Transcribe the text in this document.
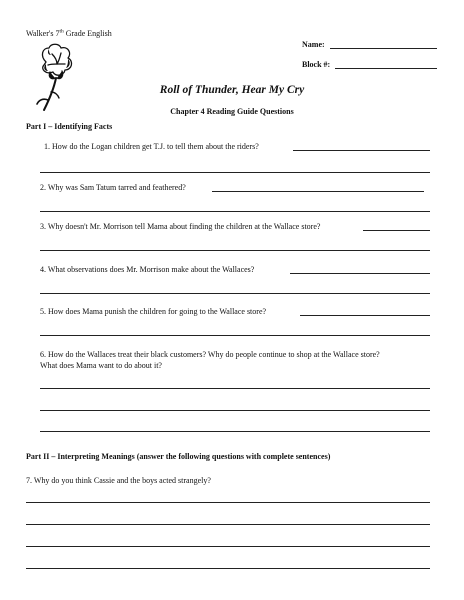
Walker's 7th Grade English
Name:
Block #:
Roll of Thunder, Hear My Cry
Chapter 4 Reading Guide Questions
Part I – Identifying Facts
1. How do the Logan children get T.J. to tell them about the riders?
2. Why was Sam Tatum tarred and feathered?
3. Why doesn't Mr. Morrison tell Mama about finding the children at the Wallace store?
4. What observations does Mr. Morrison make about the Wallaces?
5. How does Mama punish the children for going to the Wallace store?
6. How do the Wallaces treat their black customers? Why do people continue to shop at the Wallace store?
What does Mama want to do about it?
Part II – Interpreting Meanings (answer the following questions with complete sentences)
7. Why do you think Cassie and the boys acted strangely?
